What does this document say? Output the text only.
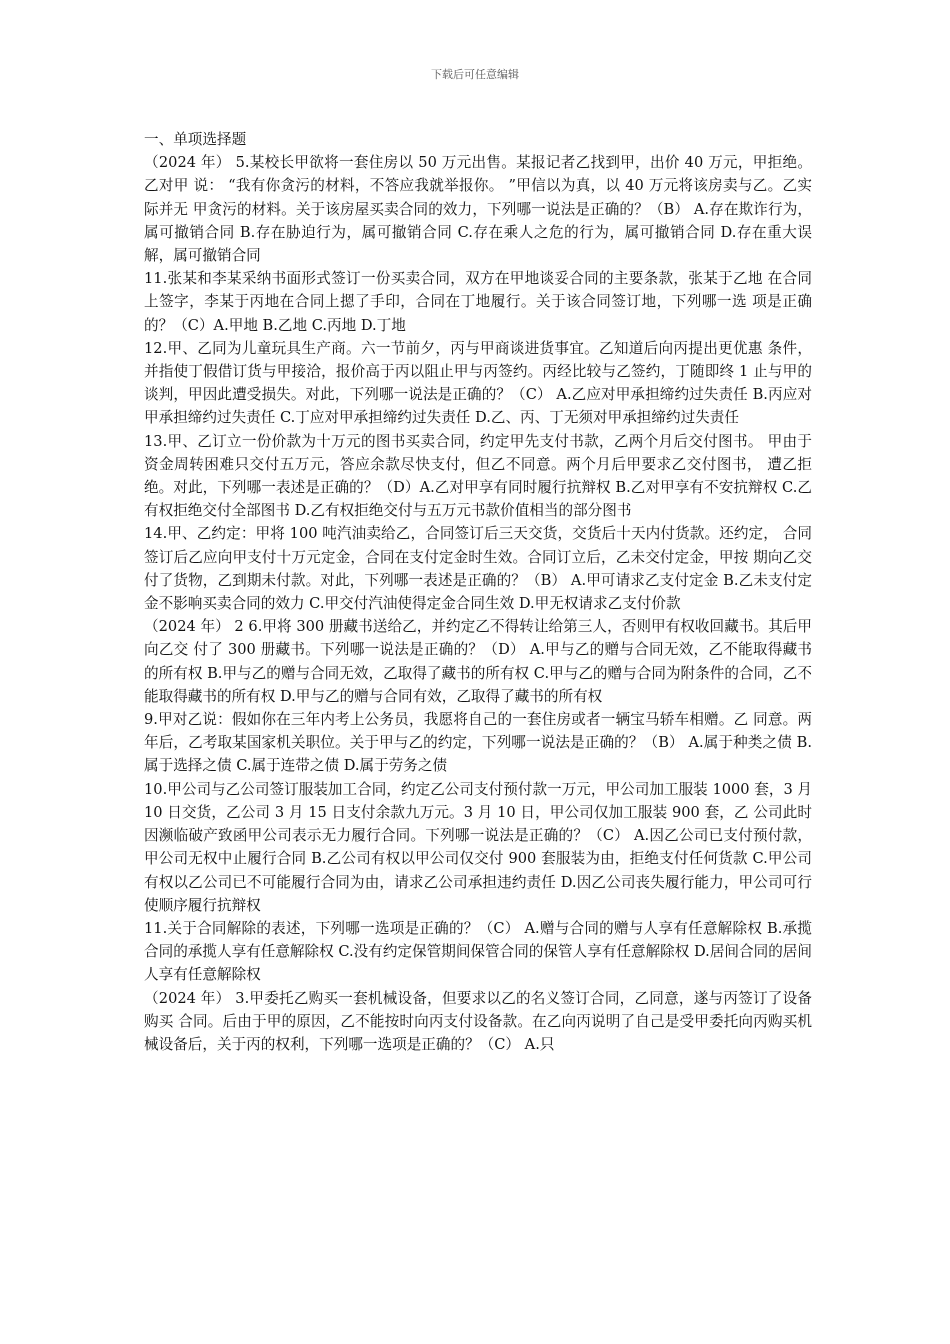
下载后可任意编辑

一、单项选择题

（2024 年） 5.某校长甲欲将一套住房以 50 万元出售。某报记者乙找到甲，出价 40 万元，甲拒绝。乙对甲 说： “我有你贪污的材料，不答应我就举报你。 ”甲信以为真，以 40 万元将该房卖与乙。乙实际并无 甲贪污的材料。关于该房屋买卖合同的效力，下列哪一说法是正确的？（B） A.存在欺诈行为，属可撤销合同 B.存在胁迫行为，属可撤销合同 C.存在乘人之危的行为，属可撤销合同 D.存在重大误解，属可撤销合同

11.张某和李某采纳书面形式签订一份买卖合同，双方在甲地谈妥合同的主要条款，张某于乙地 在合同上签字，李某于丙地在合同上摁了手印，合同在丁地履行。关于该合同签订地，下列哪一选 项是正确的？（C）A.甲地 B.乙地 C.丙地 D.丁地

12.甲、乙同为儿童玩具生产商。六一节前夕，丙与甲商谈进货事宜。乙知道后向丙提出更优惠 条件，并指使丁假借订货与甲接洽，报价高于丙以阻止甲与丙签约。丙经比较与乙签约，丁随即终 1 止与甲的谈判，甲因此遭受损失。对此，下列哪一说法是正确的？（C） A.乙应对甲承担缔约过失责任 B.丙应对甲承担缔约过失责任 C.丁应对甲承担缔约过失责任 D.乙、丙、丁无须对甲承担缔约过失责任

13.甲、乙订立一份价款为十万元的图书买卖合同，约定甲先支付书款，乙两个月后交付图书。 甲由于资金周转困难只交付五万元，答应余款尽快支付，但乙不同意。两个月后甲要求乙交付图书， 遭乙拒绝。对此，下列哪一表述是正确的？（D）A.乙对甲享有同时履行抗辩权 B.乙对甲享有不安抗辩权 C.乙有权拒绝交付全部图书 D.乙有权拒绝交付与五万元书款价值相当的部分图书

14.甲、乙约定：甲将 100 吨汽油卖给乙，合同签订后三天交货，交货后十天内付货款。还约定， 合同签订后乙应向甲支付十万元定金，合同在支付定金时生效。合同订立后，乙未交付定金，甲按 期向乙交付了货物，乙到期未付款。对此，下列哪一表述是正确的？（B） A.甲可请求乙支付定金 B.乙未支付定金不影响买卖合同的效力 C.甲交付汽油使得定金合同生效 D.甲无权请求乙支付价款

（2024 年） 2 6.甲将 300 册藏书送给乙，并约定乙不得转让给第三人，否则甲有权收回藏书。其后甲向乙交 付了 300 册藏书。下列哪一说法是正确的？（D） A.甲与乙的赠与合同无效，乙不能取得藏书的所有权 B.甲与乙的赠与合同无效，乙取得了藏书的所有权 C.甲与乙的赠与合同为附条件的合同，乙不能取得藏书的所有权 D.甲与乙的赠与合同有效，乙取得了藏书的所有权

9.甲对乙说：假如你在三年内考上公务员，我愿将自己的一套住房或者一辆宝马轿车相赠。乙 同意。两年后，乙考取某国家机关职位。关于甲与乙的约定，下列哪一说法是正确的？（B） A.属于种类之债 B.属于选择之债 C.属于连带之债 D.属于劳务之债

10.甲公司与乙公司签订服装加工合同，约定乙公司支付预付款一万元，甲公司加工服装 1000 套，3 月 10 日交货，乙公司 3 月 15 日支付余款九万元。3 月 10 日，甲公司仅加工服装 900 套，乙 公司此时因濒临破产致函甲公司表示无力履行合同。下列哪一说法是正确的？（C） A.因乙公司已支付预付款，甲公司无权中止履行合同 B.乙公司有权以甲公司仅交付 900 套服装为由，拒绝支付任何货款 C.甲公司有权以乙公司已不可能履行合同为由，请求乙公司承担违约责任 D.因乙公司丧失履行能力，甲公司可行使顺序履行抗辩权

11.关于合同解除的表述，下列哪一选项是正确的？（C） A.赠与合同的赠与人享有任意解除权 B.承揽合同的承揽人享有任意解除权 C.没有约定保管期间保管合同的保管人享有任意解除权 D.居间合同的居间人享有任意解除权

（2024 年） 3.甲委托乙购买一套机械设备，但要求以乙的名义签订合同，乙同意，遂与丙签订了设备购买 合同。后由于甲的原因，乙不能按时向丙支付设备款。在乙向丙说明了自己是受甲委托向丙购买机 械设备后，关于丙的权利，下列哪一选项是正确的？（C） A.只
